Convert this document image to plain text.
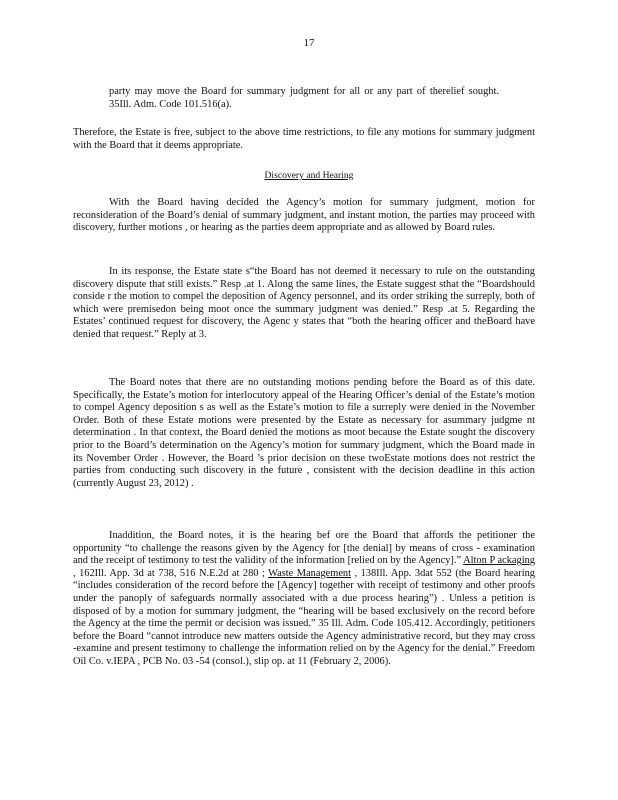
17

party may move the Board for summary judgment for all or any part of therelief sought. 35Ill. Adm. Code 101.516(a).

Therefore, the Estate is free, subject to the above time restrictions, to file any motions for summary judgment with the Board that it deems appropriate.

Discovery and Hearing

With the Board having decided the Agency’s motion for summary judgment, motion for reconsideration of the Board’s denial of summary judgment, and instant motion, the parties may proceed with discovery, further motions , or hearing as the parties deem appropriate and as allowed by Board rules.

In its response, the Estate state s“the Board has not deemed it necessary to rule on the outstanding discovery dispute that still exists.” Resp .at 1. Along the same lines, the Estate suggest sthat the “Boardshould conside r the motion to compel the deposition of Agency personnel, and its order striking the surreply, both of which were premisedon being moot once the summary judgment was denied.” Resp .at 5. Regarding the Estates’ continued request for discovery, the Agenc y states that “both the hearing officer and theBoard have denied that request.” Reply at 3.

The Board notes that there are no outstanding motions pending before the Board as of this date. Specifically, the Estate’s motion for interlocutory appeal of the Hearing Officer’s denial of the Estate’s motion to compel Agency deposition s as well as the Estate’s motion to file a surreply were denied in the November Order. Both of these Estate motions were presented by the Estate as necessary for asummary judgme nt determination . In that context, the Board denied the motions as moot because the Estate sought the discovery prior to the Board’s determination on the Agency’s motion for summary judgment, which the Board made in its November Order . However, the Board ’s prior decision on these twoEstate motions does not restrict the parties from conducting such discovery in the future , consistent with the decision deadline in this action (currently August 23, 2012) .

Inaddition, the Board notes, it is the hearing bef ore the Board that affords the petitioner the opportunity “to challenge the reasons given by the Agency for [the denial] by means of cross - examination and the receipt of testimony to test the validity of the information [relied on by the Agency].” Alton P ackaging , 162Ill. App. 3d at 738, 516 N.E.2d at 280 ; Waste Management , 138Ill. App. 3dat 552 (the Board hearing “includes consideration of the record before the [Agency] together with receipt of testimony and other proofs under the panoply of safeguards normally associated with a due process hearing”) . Unless a petition is disposed of by a motion for summary judgment, the “hearing will be based exclusively on the record before the Agency at the time the permit or decision was issued.” 35 Ill. Adm. Code 105.412. Accordingly, petitioners before the Board “cannot introduce new matters outside the Agency administrative record, but they may cross -examine and present testimony to challenge the information relied on by the Agency for the denial.” Freedom Oil Co. v.IEPA , PCB No. 03 -54 (consol.), slip op. at 11 (February 2, 2006).
